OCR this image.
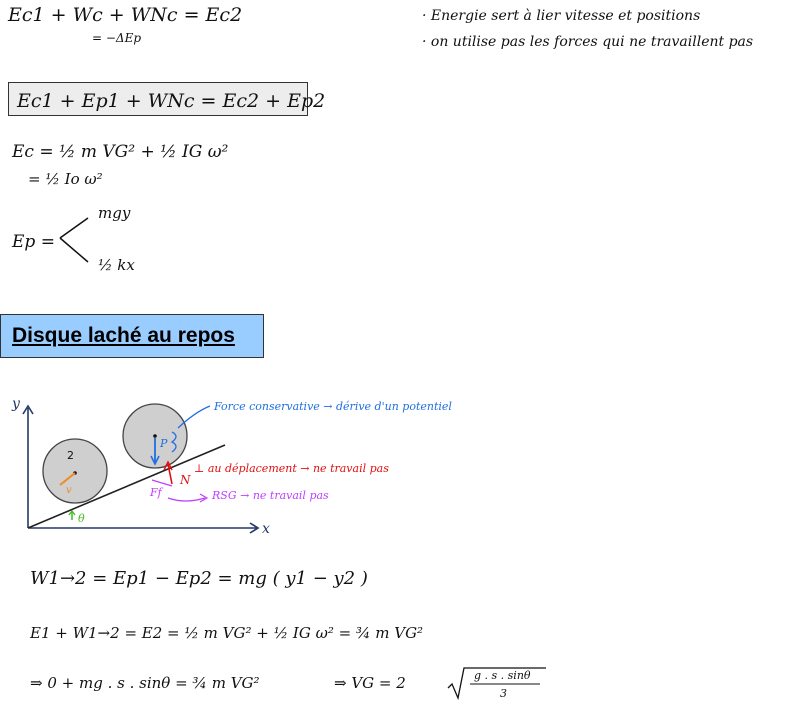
Ec1 + Wc + WNc = Ec2
= −ΔEp
· Energie sert à lier vitesse et positions
· on utilise pas les forces qui ne travaillent pas
Ec1 + Ep1 + WNc = Ec2 + Ep2
Ec = ½ m VG² + ½ IG ω²
= ½ Io ω²
Ep =
mgy
½ kx
Disque laché au repos
y
x
2
v
P
Force conservative → dérive d'un potentiel
N
⊥ au déplacement → ne travail pas
Ff	RSG → ne travail pas
θ
W1→2 = Ep1 − Ep2 = mg ( y1 − y2 )
E1 + W1→2 = E2 = ½ m VG² + ½ IG ω² = ¾ m VG²
⇒ 0 + mg . s . sinθ = ¾ m VG²	⇒ VG = 2	g . s . sinθ
3
